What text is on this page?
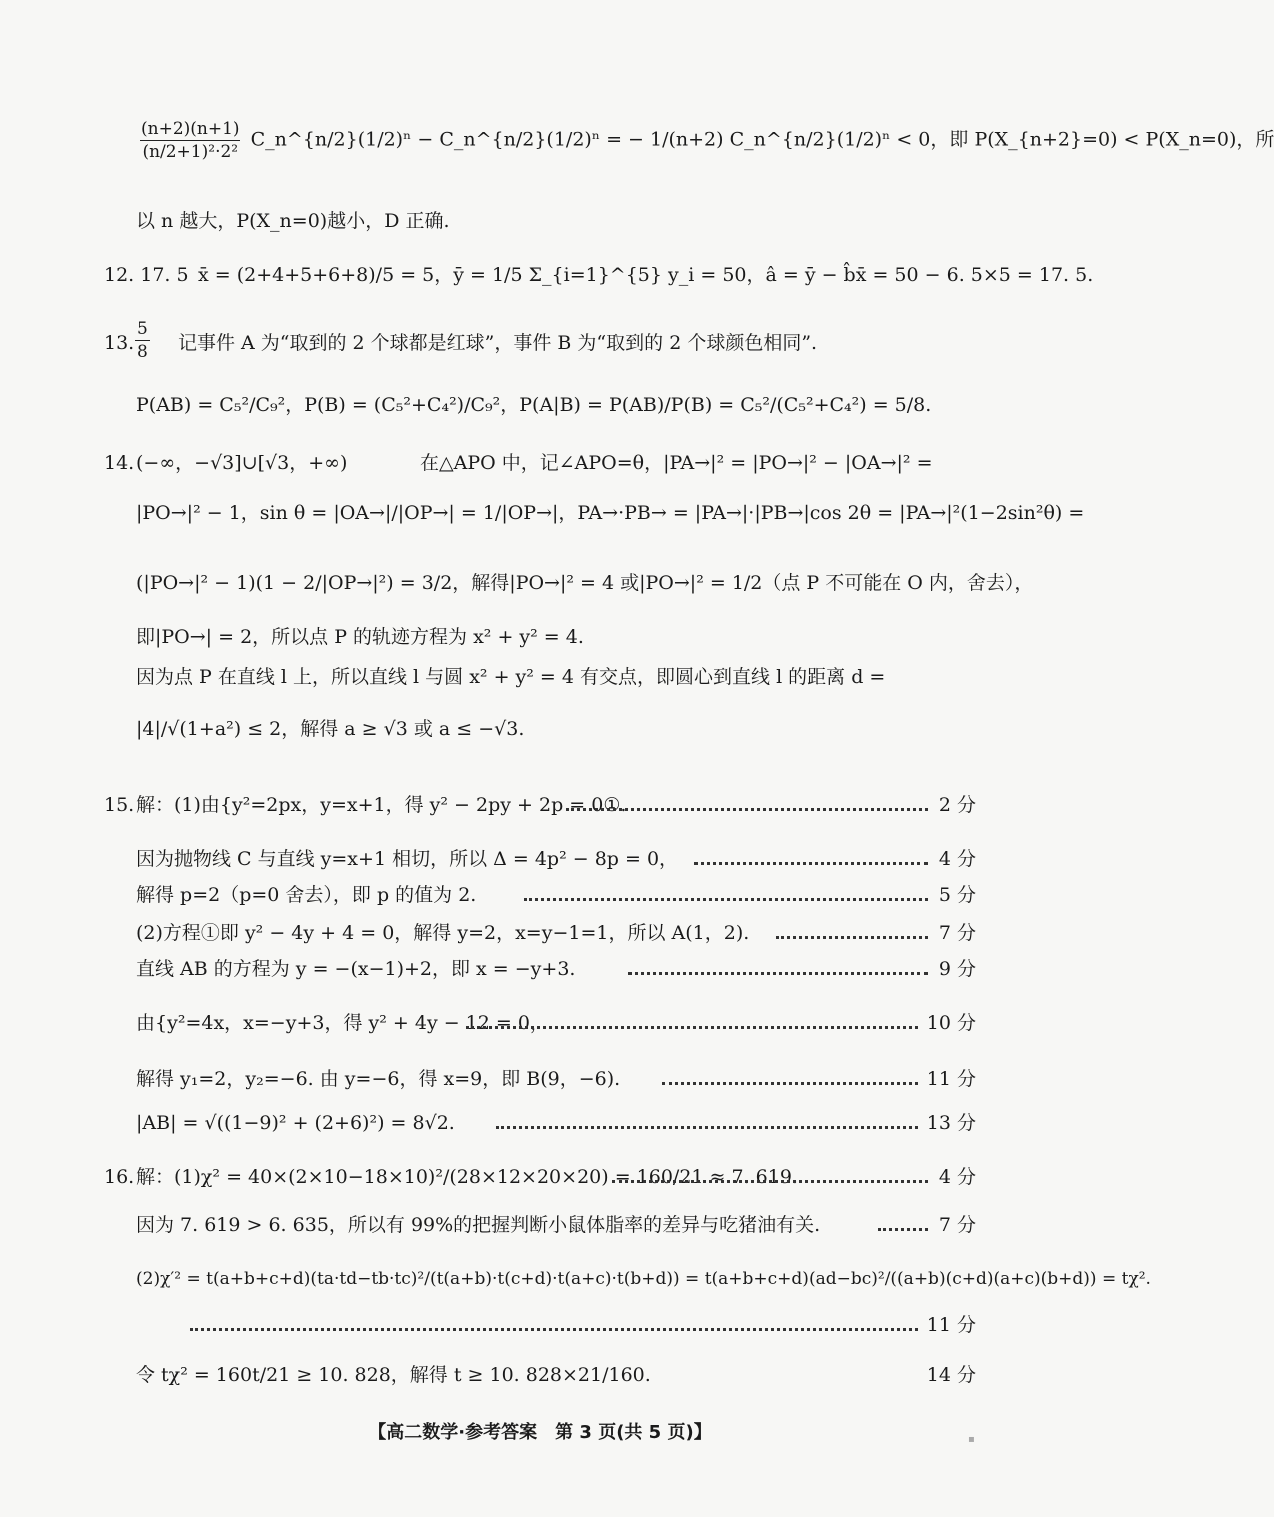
$\frac{(n+2)(n+1)}{\text{(n/2+1)²·2²}}$ C_n^{n/2}(1/2)ⁿ − C_n^{n/2}(1/2)ⁿ = − 1/(n+2) C_n^{n/2}(1/2)ⁿ < 0，即 P(X_{n+2}=0) < P(X_n=0)，所
以 n 越大，P(X_n=0)越小，D 正确.
12. 17. 5 x̄ = (2+4+5+6+8)/5 = 5，ȳ = 1/5 Σ_{i=1}^{5} y_i = 50，â = ȳ − b̂x̄ = 50 − 6. 5×5 = 17. 5.
13. $\frac{5}{8}$ 记事件 A 为“取到的 2 个球都是红球”，事件 B 为“取到的 2 个球颜色相同”.
P(AB) = C₅²/C₉²，P(B) = (C₅²+C₄²)/C₉²，P(A|B) = P(AB)/P(B) = C₅²/(C₅²+C₄²) = 5/8.
14. (−∞，−√3]∪[√3，+∞)	在△APO 中，记∠APO=θ，|PA→|² = |PO→|² − |OA→|² =
|PO→|² − 1，sin θ = |OA→|/|OP→| = 1/|OP→|，PA→·PB→ = |PA→|·|PB→|cos 2θ = |PA→|²(1−2sin²θ) =
(|PO→|² − 1)(1 − 2/|OP→|²) = 3/2，解得|PO→|² = 4 或|PO→|² = 1/2（点 P 不可能在 O 内，舍去），
即|PO→| = 2，所以点 P 的轨迹方程为 x² + y² = 4.
因为点 P 在直线 l 上，所以直线 l 与圆 x² + y² = 4 有交点，即圆心到直线 l 的距离 d =
|4|/√(1+a²) ≤ 2，解得 a ≥ √3 或 a ≤ −√3.
15. 解：(1)由{y²=2px，y=x+1，得 y² − 2py + 2p = 0①.	2 分
因为抛物线 C 与直线 y=x+1 相切，所以 Δ = 4p² − 8p = 0，	4 分
解得 p=2（p=0 舍去），即 p 的值为 2.	5 分
(2)方程①即 y² − 4y + 4 = 0，解得 y=2，x=y−1=1，所以 A(1，2).	7 分
直线 AB 的方程为 y = −(x−1)+2，即 x = −y+3.	9 分
由{y²=4x，x=−y+3，得 y² + 4y − 12 = 0，	10 分
解得 y₁=2，y₂=−6. 由 y=−6，得 x=9，即 B(9，−6).	11 分
|AB| = √((1−9)² + (2+6)²) = 8√2.	13 分
16. 解：(1)χ² = 40×(2×10−18×10)²/(28×12×20×20) = 160/21 ≈ 7. 619.	4 分
因为 7. 619 > 6. 635，所以有 99%的把握判断小鼠体脂率的差异与吃猪油有关.	7 分
(2)χ′² = t(a+b+c+d)(ta·td−tb·tc)²/(t(a+b)·t(c+d)·t(a+c)·t(b+d)) = t(a+b+c+d)(ad−bc)²/((a+b)(c+d)(a+c)(b+d)) = tχ².
11 分
令 tχ² = 160t/21 ≥ 10. 828，解得 t ≥ 10. 828×21/160.	14 分
【高二数学·参考答案　第 3 页(共 5 页)】	▪
